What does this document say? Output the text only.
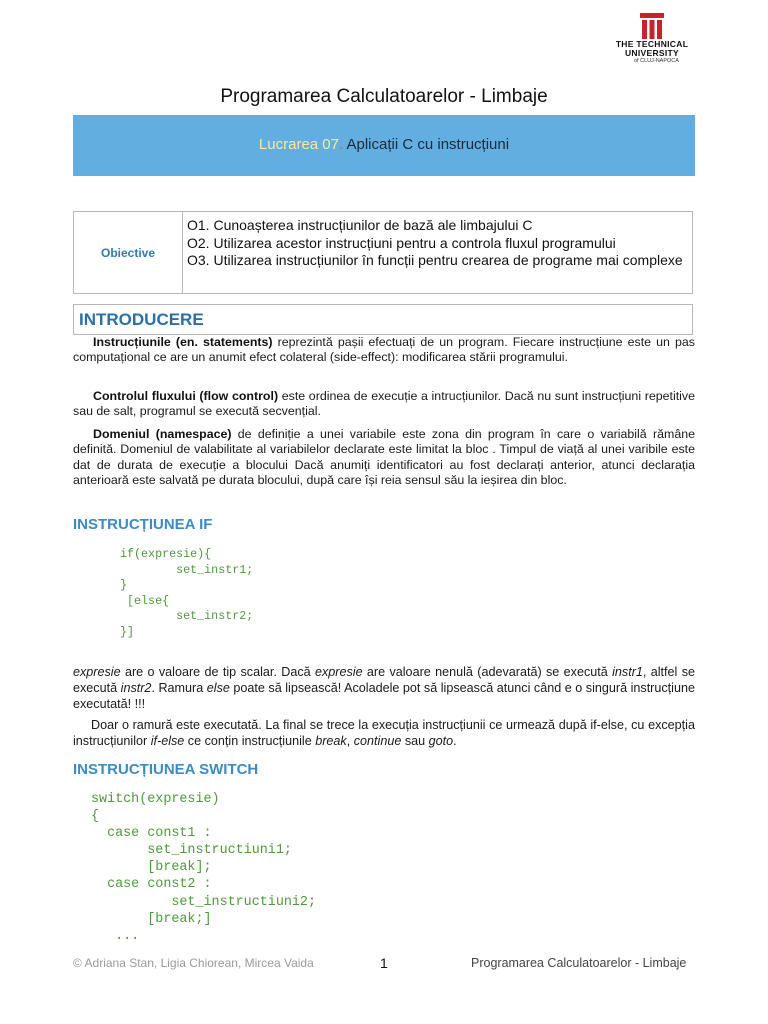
THE TECHNICAL
UNIVERSITY
of CLUJ-NAPOCA
Programarea Calculatoarelor - Limbaje
Lucrarea 07. Aplicații C cu instrucțiuni
Obiective
O1. Cunoașterea instrucțiunilor de bază ale limbajului C
O2. Utilizarea acestor instrucțiuni pentru a controla fluxul programului
O3. Utilizarea instrucțiunilor în funcții pentru crearea de programe mai complexe
INTRODUCERE

Instrucțiunile (en. statements) reprezintă pașii efectuați de un program. Fiecare instrucțiune este un pas computațional ce are un anumit efect colateral (side-effect): modificarea stării programului.

Controlul fluxului (flow control) este ordinea de execuție a intrucțiunilor. Dacă nu sunt instrucțiuni repetitive sau de salt, programul se execută secvențial.

Domeniul (namespace) de definiție a unei variabile este zona din program în care o variabilă rămâne definită. Domeniul de valabilitate al variabilelor declarate este limitat la bloc . Timpul de viață al unei varibile este dat de durata de execuție a blocului Dacă anumiți identificatori au fost declarați anterior, atunci declarația anterioară este salvată pe durata blocului, după care își reia sensul său la ieșirea din bloc.

INSTRUCȚIUNEA IF
if(expresie){
set_instr1;
}
[else{
set_instr2;
}]

expresie are o valoare de tip scalar. Dacă expresie are valoare nenulă (adevarată) se execută instr1, altfel se execută instr2. Ramura else poate să lipsească! Acoladele pot să lipsească atunci când e o singură instrucțiune executată! !!!

Doar o ramură este executată. La final se trece la execuția instrucțiunii ce urmează după if-else, cu excepția instrucțiunilor if-else ce conțin instrucțiunile break, continue sau goto.

INSTRUCȚIUNEA SWITCH
switch(expresie)
{
case const1 :
set_instructiuni1;
[break];
case const2 :
set_instructiuni2;
[break;]
...
© Adriana Stan, Ligia Chiorean, Mircea Vaida	1	Programarea Calculatoarelor - Limbaje
